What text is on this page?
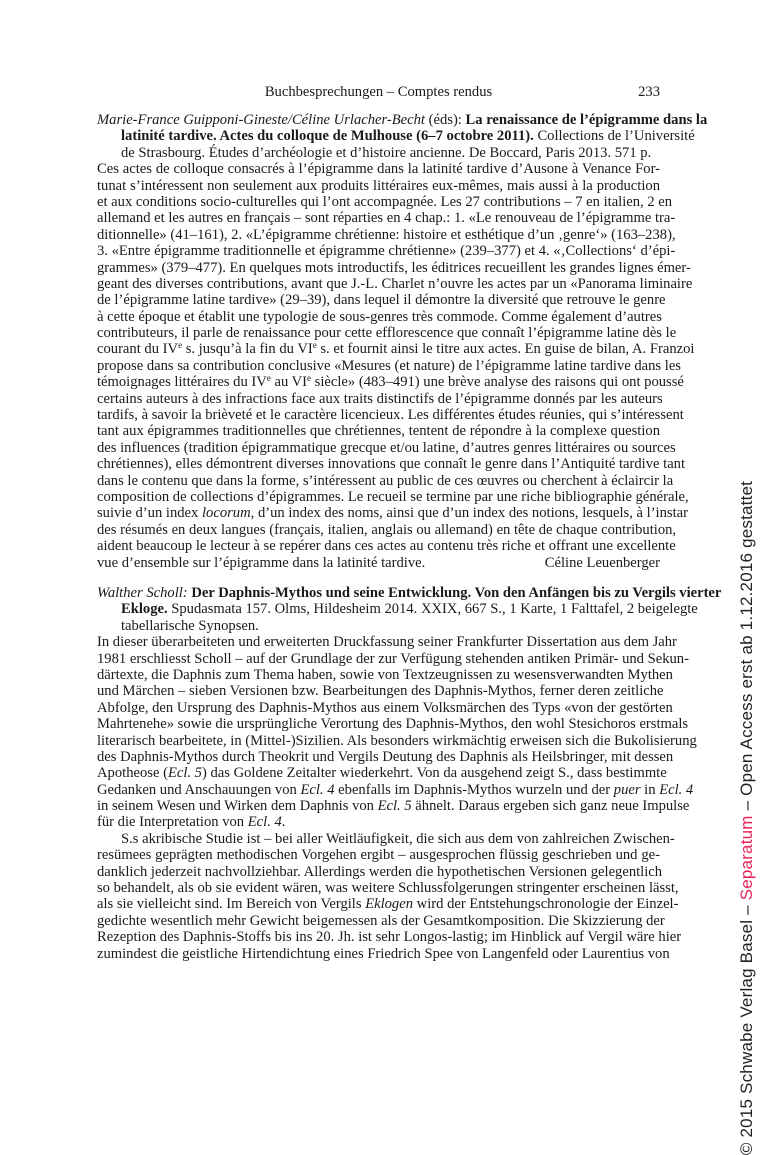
Buchbesprechungen – Comptes rendus	233
Marie-France Guipponi-Gineste/Céline Urlacher-Becht (éds): La renaissance de l’épigramme dans la
latinité tardive. Actes du colloque de Mulhouse (6–7 octobre 2011). Collections de l’Université
de Strasbourg. Études d’archéologie et d’histoire ancienne. De Boccard, Paris 2013. 571 p.
Ces actes de colloque consacrés à l’épigramme dans la latinité tardive d’Ausone à Venance For-
tunat s’intéressent non seulement aux produits littéraires eux-mêmes, mais aussi à la production
et aux conditions socio-culturelles qui l’ont accompagnée. Les 27 contributions – 7 en italien, 2 en
allemand et les autres en français – sont réparties en 4 chap.: 1. «Le renouveau de l’épigramme tra-
ditionnelle» (41–161), 2. «L’épigramme chrétienne: histoire et esthétique d’un ‚genre‘» (163–238),
3. «Entre épigramme traditionnelle et épigramme chrétienne» (239–377) et 4. «‚Collections‘ d’épi-
grammes» (379–477). En quelques mots introductifs, les éditrices recueillent les grandes lignes émer-
geant des diverses contributions, avant que J.-L. Charlet n’ouvre les actes par un «Panorama liminaire
de l’épigramme latine tardive» (29–39), dans lequel il démontre la diversité que retrouve le genre
à cette époque et établit une typologie de sous-genres très commode. Comme également d’autres
contributeurs, il parle de renaissance pour cette efflorescence que connaît l’épigramme latine dès le
courant du IVe s. jusqu’à la fin du VIe s. et fournit ainsi le titre aux actes. En guise de bilan, A. Franzoi
propose dans sa contribution conclusive «Mesures (et nature) de l’épigramme latine tardive dans les
témoignages littéraires du IVe au VIe siècle» (483–491) une brève analyse des raisons qui ont poussé
certains auteurs à des infractions face aux traits distinctifs de l’épigramme donnés par les auteurs
tardifs, à savoir la brièveté et le caractère licencieux. Les différentes études réunies, qui s’intéressent
tant aux épigrammes traditionnelles que chrétiennes, tentent de répondre à la complexe question
des influences (tradition épigrammatique grecque et/ou latine, d’autres genres littéraires ou sources
chrétiennes), elles démontrent diverses innovations que connaît le genre dans l’Antiquité tardive tant
dans le contenu que dans la forme, s’intéressent au public de ces œuvres ou cherchent à éclaircir la
composition de collections d’épigrammes. Le recueil se termine par une riche bibliographie générale,
suivie d’un index locorum, d’un index des noms, ainsi que d’un index des notions, lesquels, à l’instar
des résumés en deux langues (français, italien, anglais ou allemand) en tête de chaque contribution,
aident beaucoup le lecteur à se repérer dans ces actes au contenu très riche et offrant une excellente
vue d’ensemble sur l’épigramme dans la latinité tardive.	Céline Leuenberger
Walther Scholl: Der Daphnis-Mythos und seine Entwicklung. Von den Anfängen bis zu Vergils vierter
Ekloge. Spudasmata 157. Olms, Hildesheim 2014. XXIX, 667 S., 1 Karte, 1 Falttafel, 2 beigelegte
tabellarische Synopsen.
In dieser überarbeiteten und erweiterten Druckfassung seiner Frankfurter Dissertation aus dem Jahr
1981 erschliesst Scholl – auf der Grundlage der zur Verfügung stehenden antiken Primär- und Sekun-
därtexte, die Daphnis zum Thema haben, sowie von Textzeugnissen zu wesensverwandten Mythen
und Märchen – sieben Versionen bzw. Bearbeitungen des Daphnis-Mythos, ferner deren zeitliche
Abfolge, den Ursprung des Daphnis-Mythos aus einem Volksmärchen des Typs «von der gestörten
Mahrtenehe» sowie die ursprüngliche Verortung des Daphnis-Mythos, den wohl Stesichoros erstmals
literarisch bearbeitete, in (Mittel-)Sizilien. Als besonders wirkmächtig erweisen sich die Bukolisierung
des Daphnis-Mythos durch Theokrit und Vergils Deutung des Daphnis als Heilsbringer, mit dessen
Apotheose (Ecl. 5) das Goldene Zeitalter wiederkehrt. Von da ausgehend zeigt S., dass bestimmte
Gedanken und Anschauungen von Ecl. 4 ebenfalls im Daphnis-Mythos wurzeln und der puer in Ecl. 4
in seinem Wesen und Wirken dem Daphnis von Ecl. 5 ähnelt. Daraus ergeben sich ganz neue Impulse
für die Interpretation von Ecl. 4.
S.s akribische Studie ist – bei aller Weitläufigkeit, die sich aus dem von zahlreichen Zwischen-
resümees geprägten methodischen Vorgehen ergibt – ausgesprochen flüssig geschrieben und ge-
danklich jederzeit nachvollziehbar. Allerdings werden die hypothetischen Versionen gelegentlich
so behandelt, als ob sie evident wären, was weitere Schlussfolgerungen stringenter erscheinen lässt,
als sie vielleicht sind. Im Bereich von Vergils Eklogen wird der Entstehungschronologie der Einzel-
gedichte wesentlich mehr Gewicht beigemessen als der Gesamtkomposition. Die Skizzierung der
Rezeption des Daphnis-Stoffs bis ins 20. Jh. ist sehr Longos-lastig; im Hinblick auf Vergil wäre hier
zumindest die geistliche Hirtendichtung eines Friedrich Spee von Langenfeld oder Laurentius von	© 2015 Schwabe Verlag Basel – Separatum – Open Access erst ab 1.12.2016 gestattet
